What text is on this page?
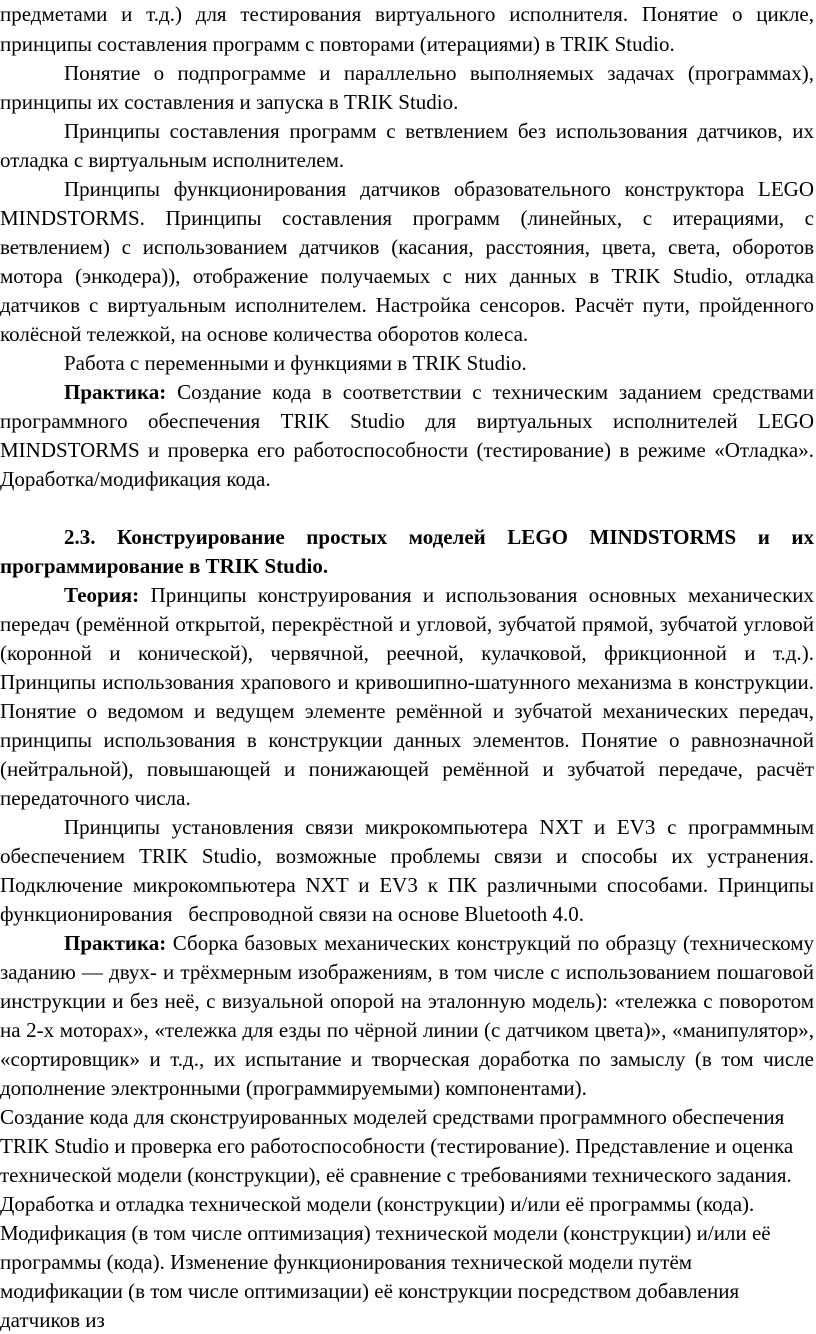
предметами и т.д.) для тестирования виртуального исполнителя. Понятие о цикле,
принципы составления программ с повторами (итерациями) в TRIK Studio.
Понятие о подпрограмме и параллельно выполняемых задачах (программах),
принципы их составления и запуска в TRIK Studio.
Принципы составления программ с ветвлением без использования датчиков, их
отладка с виртуальным исполнителем.
Принципы функционирования датчиков образовательного конструктора LEGO
MINDSTORMS. Принципы составления программ (линейных, с итерациями, с
ветвлением) с использованием датчиков (касания, расстояния, цвета, света, оборотов
мотора (энкодера)), отображение получаемых с них данных в TRIK Studio, отладка
датчиков с виртуальным исполнителем. Настройка сенсоров. Расчёт пути, пройденного
колёсной тележкой, на основе количества оборотов колеса.
Работа с переменными и функциями в TRIK Studio.
Практика: Создание кода в соответствии с техническим заданием средствами
программного обеспечения TRIK Studio для виртуальных исполнителей LEGO
MINDSTORMS и проверка его работоспособности (тестирование) в режиме «Отладка».
Доработка/модификация кода.
2.3. Конструирование простых моделей LEGO MINDSTORMS и их
программирование в TRIK Studio.
Теория: Принципы конструирования и использования основных механических
передач (ремённой открытой, перекрёстной и угловой, зубчатой прямой, зубчатой угловой
(коронной и конической), червячной, реечной, кулачковой, фрикционной и т.д.).
Принципы использования храпового и кривошипно-шатунного механизма в конструкции.
Понятие о ведомом и ведущем элементе ремённой и зубчатой механических передач,
принципы использования в конструкции данных элементов. Понятие о равнозначной
(нейтральной), повышающей и понижающей ремённой и зубчатой передаче, расчёт
передаточного числа.
Принципы установления связи микрокомпьютера NXT и EV3 с программным
обеспечением TRIK Studio, возможные проблемы связи и способы их устранения.
Подключение микрокомпьютера NXT и EV3 к ПК различными способами. Принципы
функционирования   беспроводной связи на основе Bluetooth 4.0.
Практика: Сборка базовых механических конструкций по образцу (техническому
заданию — двух- и трёхмерным изображениям, в том числе с использованием пошаговой
инструкции и без неё, с визуальной опорой на эталонную модель): «тележка с поворотом
на 2-х моторах», «тележка для езды по чёрной линии (с датчиком цвета)», «манипулятор»,
«сортировщик» и т.д., их испытание и творческая доработка по замыслу (в том числе
дополнение электронными (программируемыми) компонентами).
Создание кода для сконструированных моделей средствами программного обеспечения
TRIK Studio и проверка его работоспособности (тестирование). Представление и оценка
технической модели (конструкции), её сравнение с требованиями технического задания.
Доработка и отладка технической модели (конструкции) и/или её программы (кода).
Модификация (в том числе оптимизация) технической модели (конструкции) и/или её
программы (кода). Изменение функционирования технической модели путём
модификации (в том числе оптимизации) её конструкции посредством добавления
датчиков из
